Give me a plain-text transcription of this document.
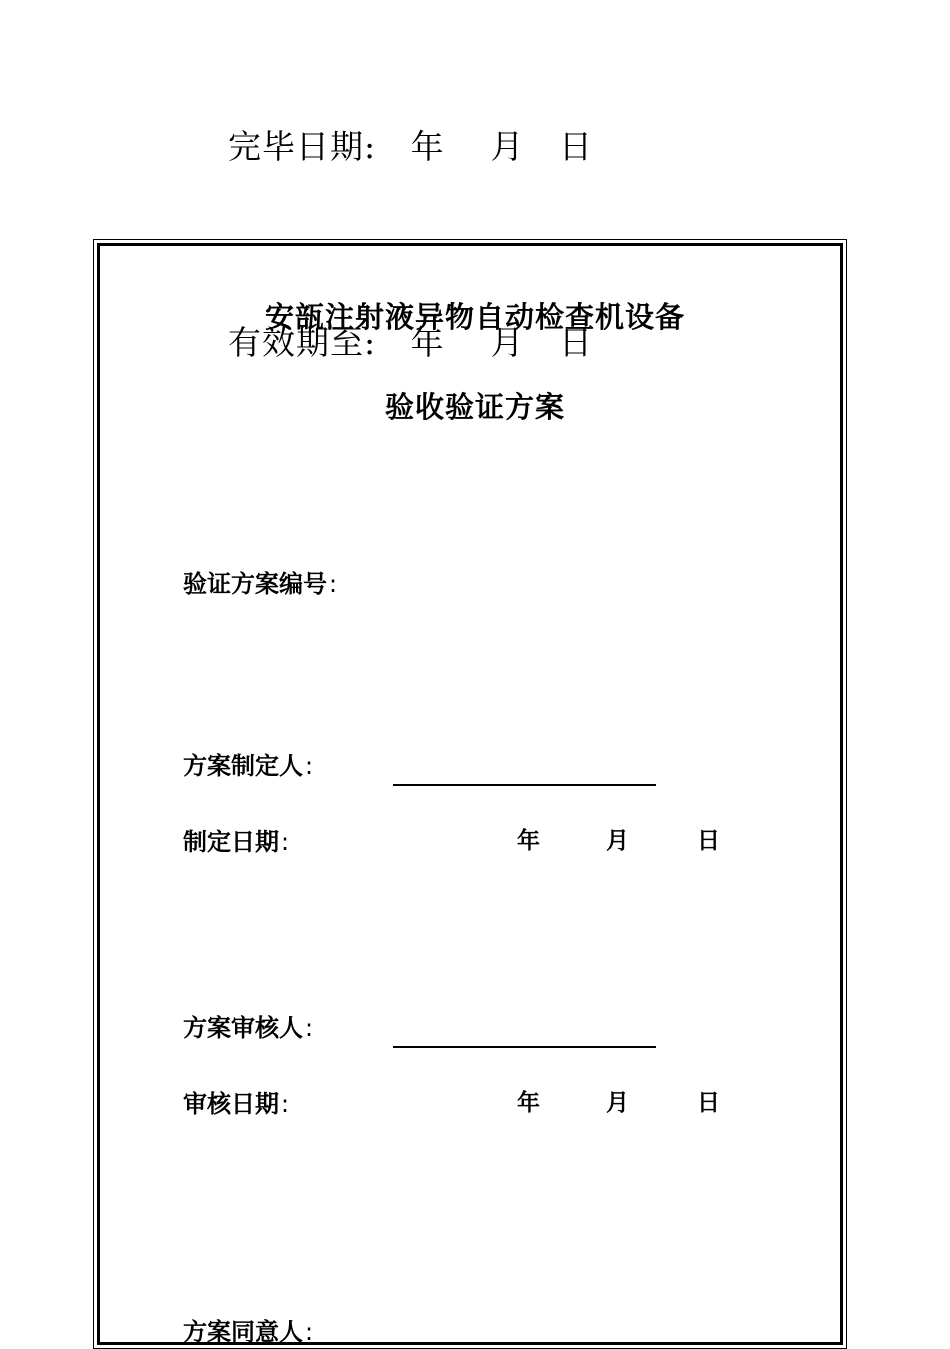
完毕日期:   年    月   日
安瓿注射液异物自动检查机设备
有效期至:   年    月   日
验收验证方案
验证方案编号:
方案制定人:
制定日期:	年	月	日
方案审核人:
审核日期:	年	月	日
方案同意人:
